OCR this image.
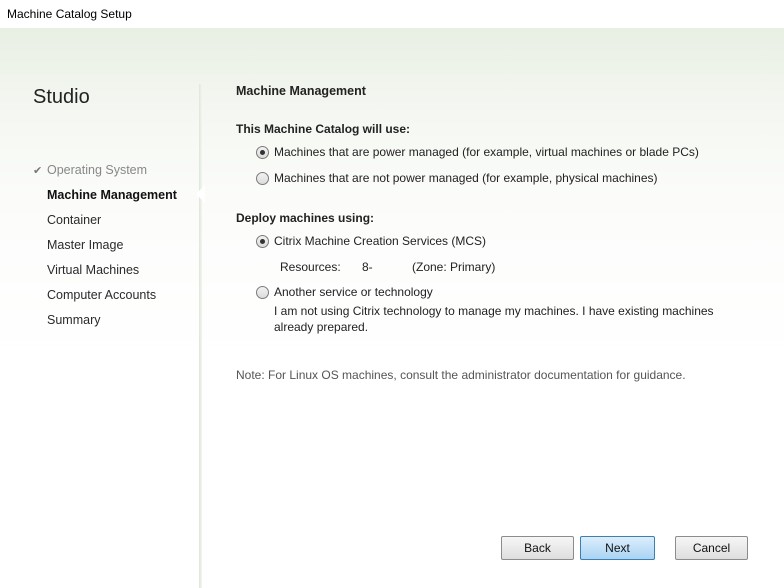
Machine Catalog Setup
Studio
✔ Operating System
Machine Management
Container
Master Image
Virtual Machines
Computer Accounts
Summary
Machine Management
This Machine Catalog will use:
Machines that are power managed (for example, virtual machines or blade PCs)
Machines that are not power managed (for example, physical machines)
Deploy machines using:
Citrix Machine Creation Services (MCS)
Resources:	8-	(Zone: Primary)
Another service or technology
I am not using Citrix technology to manage my machines. I have existing machines already prepared.
Note: For Linux OS machines, consult the administrator documentation for guidance.
Back	Next	Cancel
